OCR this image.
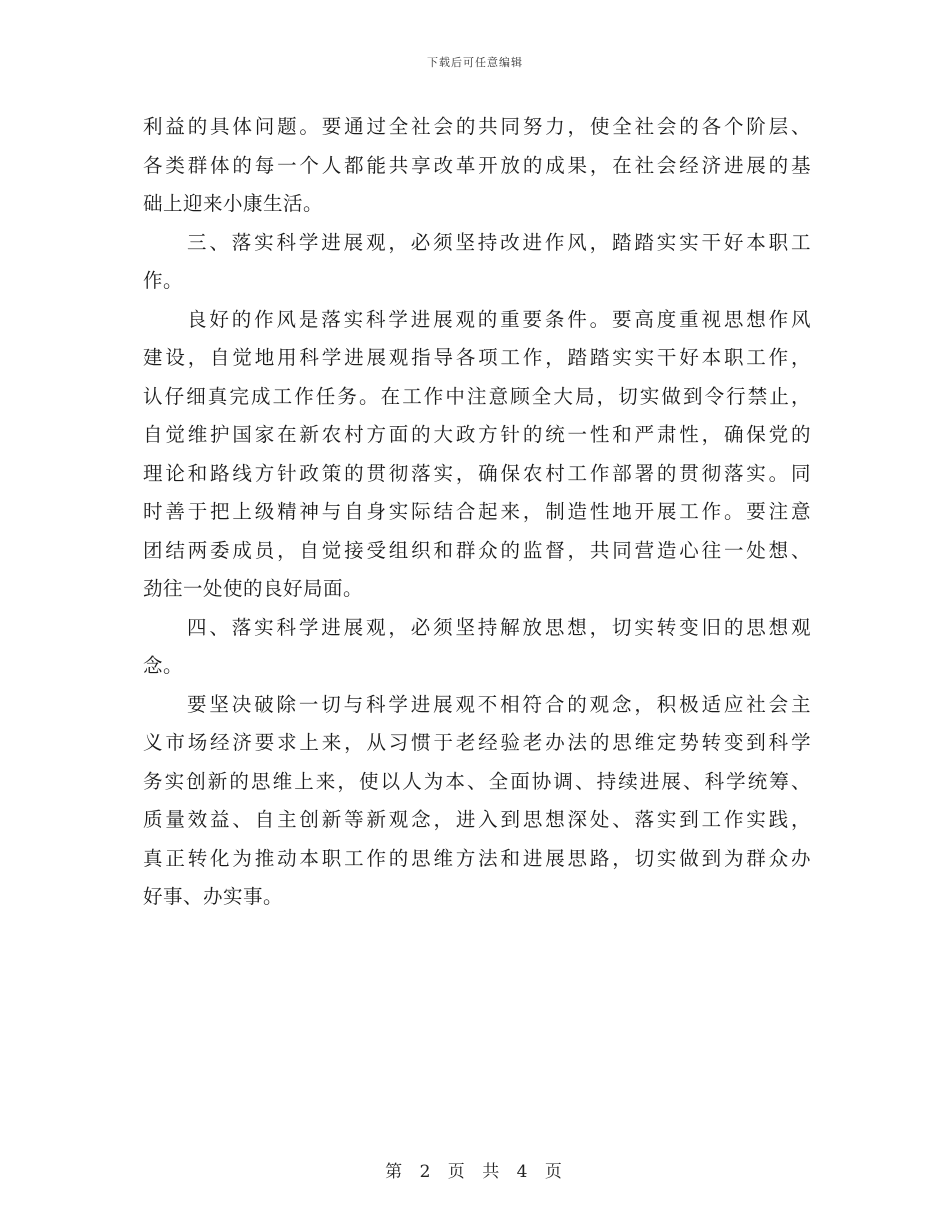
下载后可任意编辑
利益的具体问题。要通过全社会的共同努力，使全社会的各个阶层、
各类群体的每一个人都能共享改革开放的成果，在社会经济进展的基
础上迎来小康生活。
三、落实科学进展观，必须坚持改进作风，踏踏实实干好本职工
作。
良好的作风是落实科学进展观的重要条件。要高度重视思想作风
建设，自觉地用科学进展观指导各项工作，踏踏实实干好本职工作，
认仔细真完成工作任务。在工作中注意顾全大局，切实做到令行禁止，
自觉维护国家在新农村方面的大政方针的统一性和严肃性，确保党的
理论和路线方针政策的贯彻落实，确保农村工作部署的贯彻落实。同
时善于把上级精神与自身实际结合起来，制造性地开展工作。要注意
团结两委成员，自觉接受组织和群众的监督，共同营造心往一处想、
劲往一处使的良好局面。
四、落实科学进展观，必须坚持解放思想，切实转变旧的思想观
念。
要坚决破除一切与科学进展观不相符合的观念，积极适应社会主
义市场经济要求上来，从习惯于老经验老办法的思维定势转变到科学
务实创新的思维上来，使以人为本、全面协调、持续进展、科学统筹、
质量效益、自主创新等新观念，进入到思想深处、落实到工作实践，
真正转化为推动本职工作的思维方法和进展思路，切实做到为群众办
好事、办实事。
第 2 页 共 4 页
